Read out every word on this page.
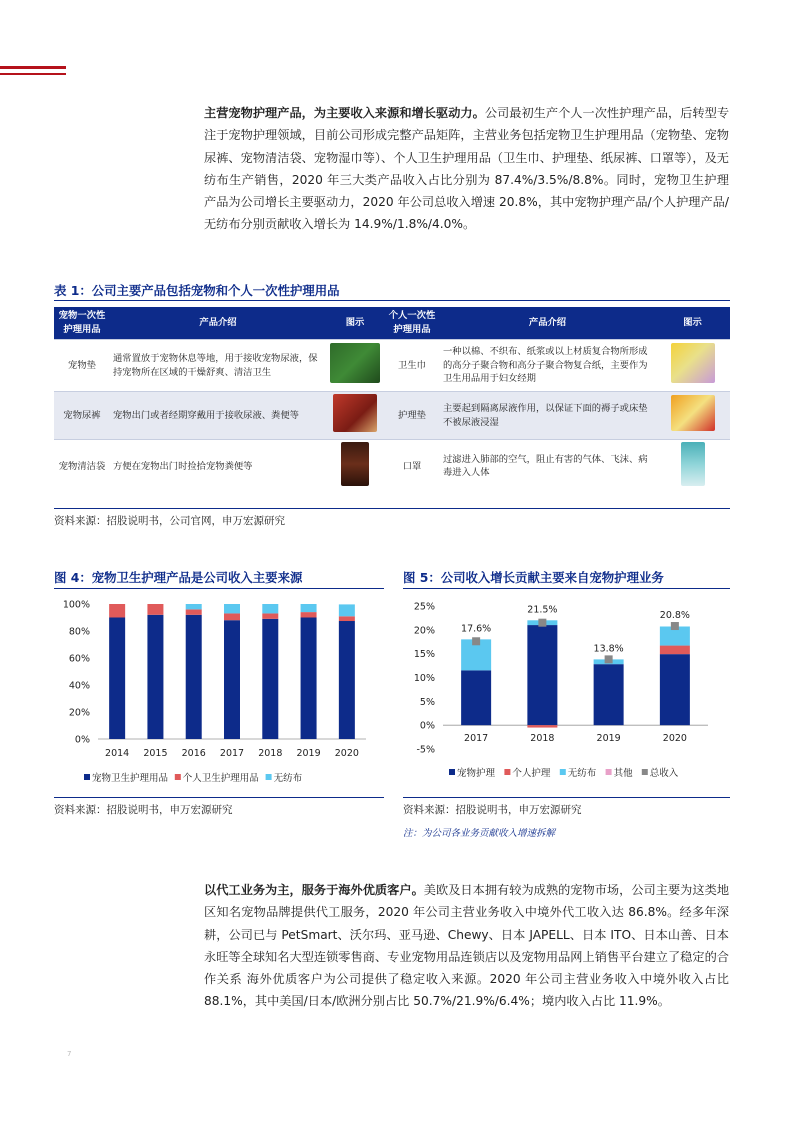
主营宠物护理产品，为主要收入来源和增长驱动力。公司最初生产个人一次性护理产品，后转型专注于宠物护理领域，目前公司形成完整产品矩阵，主营业务包括宠物卫生护理用品（宠物垫、宠物尿裤、宠物清洁袋、宠物湿巾等）、个人卫生护理用品（卫生巾、护理垫、纸尿裤、口罩等），及无纺布生产销售，2020 年三大类产品收入占比分别为 87.4%/3.5%/8.8%。同时，宠物卫生护理产品为公司增长主要驱动力，2020 年公司总收入增速 20.8%，其中宠物护理产品/个人护理产品/无纺布分别贡献收入增长为 14.9%/1.8%/4.0%。
表 1：公司主要产品包括宠物和个人一次性护理用品
宠物一次性护理用品	产品介绍	图示	个人一次性护理用品	产品介绍	图示
宠物垫	通常置放于宠物休息等地，用于接收宠物尿液，保持宠物所在区域的干燥舒爽、清洁卫生		卫生巾	一种以棉、不织布、纸浆或以上材质复合物所形成的高分子聚合物和高分子聚合物复合纸，主要作为卫生用品用于妇女经期	
宠物尿裤	宠物出门或者经期穿戴用于接收尿液、粪便等		护理垫	主要起到隔离尿液作用，以保证下面的褥子或床垫不被尿液浸湿	
宠物清洁袋	方便在宠物出门时捡拾宠物粪便等		口罩	过滤进入肺部的空气，阻止有害的气体、飞沫、病毒进入人体	
资料来源：招股说明书，公司官网，申万宏源研究
图 4：宠物卫生护理产品是公司收入主要来源
0%
20%
40%
60%
80%
100%
2014 2015 2016 2017 2018 2019 2020
宠物卫生护理用品 个人卫生护理用品 无纺布
资料来源：招股说明书，申万宏源研究
图 5：公司收入增长贡献主要来自宠物护理业务
-5%
0%
5%
10%
15%
20%
25%
2017
17.6%
2018
21.5%
2019
13.8%
2020
20.8%
宠物护理 个人护理 无纺布 其他 总收入
资料来源：招股说明书，申万宏源研究
注：为公司各业务贡献收入增速拆解
以代工业务为主，服务于海外优质客户。美欧及日本拥有较为成熟的宠物市场，公司主要为这类地区知名宠物品牌提供代工服务，2020 年公司主营业务收入中境外代工收入达 86.8%。经多年深耕，公司已与 PetSmart、沃尔玛、亚马逊、Chewy、日本 JAPELL、日本 ITO、日本山善、日本永旺等全球知名大型连锁零售商、专业宠物用品连锁店以及宠物用品网上销售平台建立了稳定的合作关系 海外优质客户为公司提供了稳定收入来源。2020 年公司主营业务收入中境外收入占比 88.1%，其中美国/日本/欧洲分别占比 50.7%/21.9%/6.4%；境内收入占比 11.9%。
7
